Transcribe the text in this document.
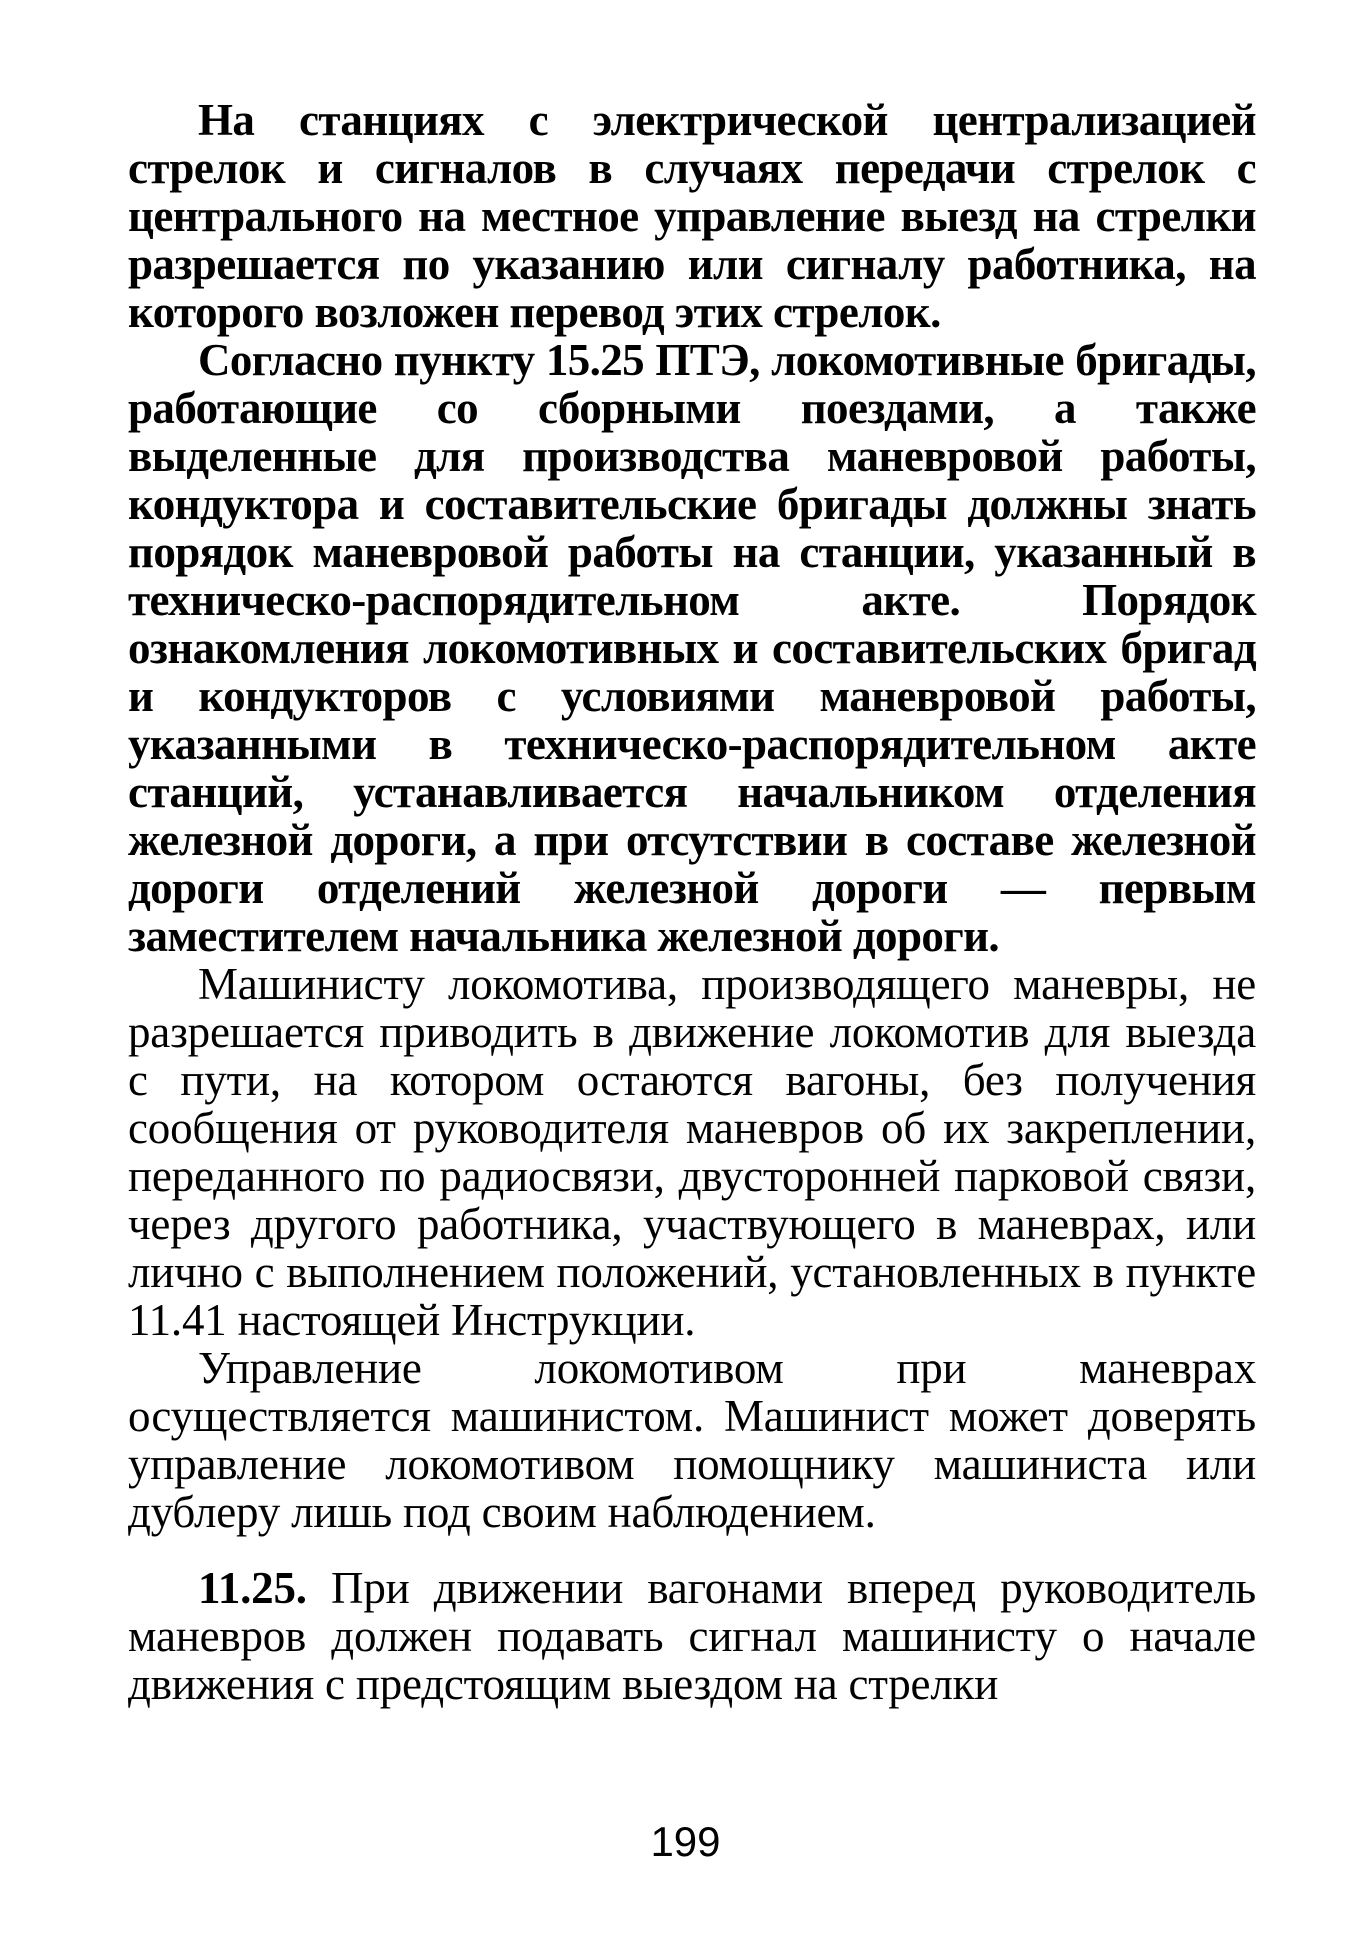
На станциях с электрической централизацией стрелок и сигналов в случаях передачи стрелок с центрального на местное управление выезд на стрелки разрешается по указанию или сигналу работника, на которого возложен перевод этих стрелок.

Согласно пункту 15.25 ПТЭ, локомотивные бригады, работающие со сборными поездами, а также выделенные для производства маневровой работы, кондуктора и составительские бригады должны знать порядок маневровой работы на станции, указанный в техническо-распорядительном акте. Порядок ознакомления локомотивных и составительских бригад и кондукторов с условиями маневровой работы, указанными в техническо-распорядительном акте станций, устанавливается начальником отделения железной дороги, а при отсутствии в составе железной дороги отделений железной дороги — первым заместителем начальника железной дороги.

Машинисту локомотива, производящего маневры, не разрешается приводить в движение локомотив для выезда с пути, на котором остаются вагоны, без получения сообщения от руководителя маневров об их закреплении, переданного по радиосвязи, двусторонней парковой связи, через другого работника, участвующего в маневрах, или лично с выполнением положений, установленных в пункте 11.41 настоящей Инструкции.

Управление локомотивом при маневрах осуществляется машинистом. Машинист может доверять управление локомотивом помощнику машиниста или дублеру лишь под своим наблюдением.

11.25. При движении вагонами вперед руководитель маневров должен подавать сигнал машинисту о начале движения с предстоящим выездом на стрелки

199
